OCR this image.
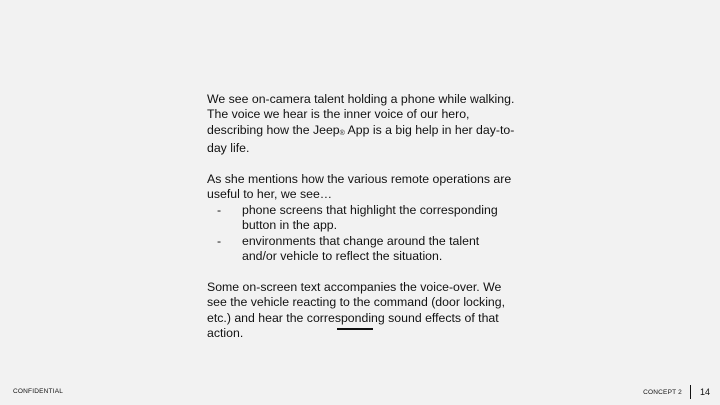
We see on-camera talent holding a phone while walking. The voice we hear is the inner voice of our hero, describing how the Jeep® App is a big help in her day-to-day life.

As she mentions how the various remote operations are useful to her, we see…

- phone screens that highlight the corresponding button in the app.
- environments that change around the talent and/or vehicle to reflect the situation.

Some on-screen text accompanies the voice-over. We see the vehicle reacting to the command (door locking, etc.) and hear the corresponding sound effects of that action.

CONFIDENTIAL	CONCEPT 2 14
